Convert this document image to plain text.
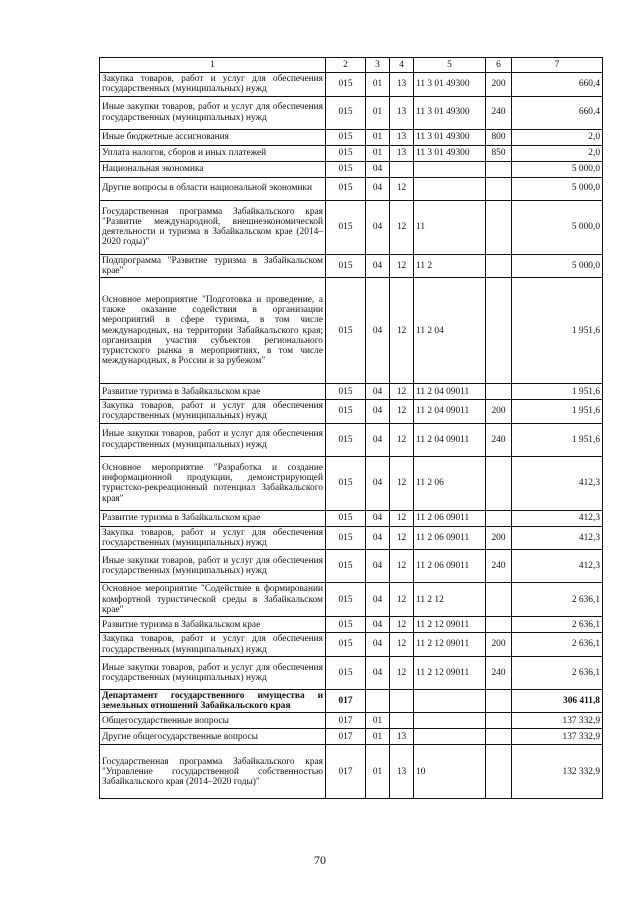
1	2	3	4	5	6	7
Закупка товаров, работ и услуг для обеспечения государственных (муниципальных) нужд	015	01	13	11 3 01 49300	200	660,4
Иные закупки товаров, работ и услуг для обеспечения государственных (муниципальных) нужд	015	01	13	11 3 01 49300	240	660,4
Иные бюджетные ассигнования	015	01	13	11 3 01 49300	800	2,0
Уплата налогов, сборов и иных платежей	015	01	13	11 3 01 49300	850	2,0
Национальная экономика	015	04				5 000,0
Другие вопросы в области национальной экономики	015	04	12			5 000,0
Государственная программа Забайкальского края "Развитие международной, внешнеэкономической деятельности и туризма в Забайкальском крае (2014–2020 годы)"	015	04	12	11		5 000,0
Подпрограмма "Развитие туризма в Забайкальском крае"	015	04	12	11 2		5 000,0
Основное мероприятие "Подготовка и проведение, а также оказание содействия в организации мероприятий в сфере туризма, в том числе международных, на территории Забайкальского края; организация участия субъектов регионального туристского рынка в мероприятиях, в том числе международных, в России и за рубежом"	015	04	12	11 2 04		1 951,6
Развитие туризма в Забайкальском крае	015	04	12	11 2 04 09011		1 951,6
Закупка товаров, работ и услуг для обеспечения государственных (муниципальных) нужд	015	04	12	11 2 04 09011	200	1 951,6
Иные закупки товаров, работ и услуг для обеспечения государственных (муниципальных) нужд	015	04	12	11 2 04 09011	240	1 951,6
Основное мероприятие "Разработка и создание информационной продукции, демонстрирующей туристско-рекреационный потенциал Забайкальского края"	015	04	12	11 2 06		412,3
Развитие туризма в Забайкальском крае	015	04	12	11 2 06 09011		412,3
Закупка товаров, работ и услуг для обеспечения государственных (муниципальных) нужд	015	04	12	11 2 06 09011	200	412,3
Иные закупки товаров, работ и услуг для обеспечения государственных (муниципальных) нужд	015	04	12	11 2 06 09011	240	412,3
Основное мероприятие "Содействие в формировании комфортной туристической среды в Забайкальском крае"	015	04	12	11 2 12		2 636,1
Развитие туризма в Забайкальском крае	015	04	12	11 2 12 09011		2 636,1
Закупка товаров, работ и услуг для обеспечения государственных (муниципальных) нужд	015	04	12	11 2 12 09011	200	2 636,1
Иные закупки товаров, работ и услуг для обеспечения государственных (муниципальных) нужд	015	04	12	11 2 12 09011	240	2 636,1
Департамент государственного имущества и земельных отношений Забайкальского края	017					306 411,8
Общегосударственные вопросы	017	01				137 332,9
Другие общегосударственные вопросы	017	01	13			137 332,9
Государственная программа Забайкальского края "Управление государственной собственностью Забайкальского края (2014–2020 годы)"	017	01	13	10		132 332,9
70
